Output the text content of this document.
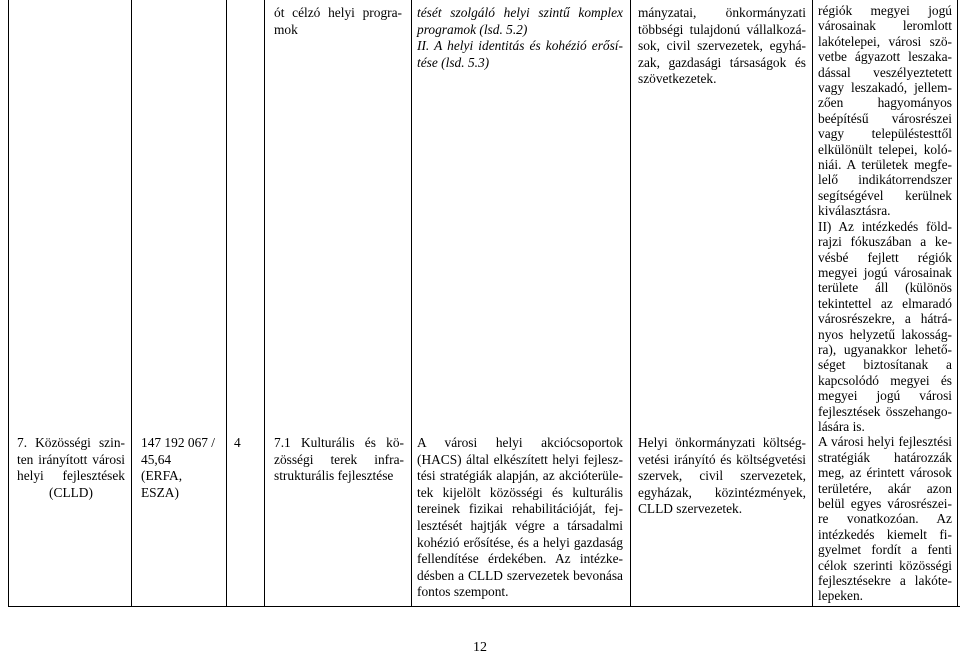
7. Közösségi szin-
ten irányított városi
helyi fejlesztések
(CLLD)
147 192 067 /
45,64
(ERFA,
ESZA)
4
ót célzó helyi progra-
mok
7.1 Kulturális és kö-
zösségi terek infra-
strukturális fejlesztése
tését szolgáló helyi szintű komplex
programok (lsd. 5.2)
II. A helyi identitás és kohézió erősí-
tése (lsd. 5.3)
A városi helyi akciócsoportok
(HACS) által elkészített helyi fejlesz-
tési stratégiák alapján, az akcióterüle-
tek kijelölt közösségi és kulturális
tereinek fizikai rehabilitációját, fej-
lesztését hajtják végre a társadalmi
kohézió erősítése, és a helyi gazdaság
fellendítése érdekében. Az intézke-
désben a CLLD szervezetek bevonása
fontos szempont.
mányzatai, önkormányzati
többségi tulajdonú vállalkozá-
sok, civil szervezetek, egyhá-
zak, gazdasági társaságok és
szövetkezetek.
Helyi önkormányzati költség-
vetési irányító és költségvetési
szervek, civil szervezetek,
egyházak, közintézmények,
CLLD szervezetek.
régiók megyei jogú
városainak leromlott
lakótelepei, városi szö-
vetbe ágyazott leszaka-
dással veszélyeztetett
vagy leszakadó, jellem-
zően hagyományos
beépítésű városrészei
vagy településtesttől
elkülönült telepei, koló-
niái. A területek megfe-
lelő indikátorrendszer
segítségével kerülnek
kiválasztásra.
II) Az intézkedés föld-
rajzi fókuszában a ke-
vésbé fejlett régiók
megyei jogú városainak
területe áll (különös
tekintettel az elmaradó
városrészekre, a hátrá-
nyos helyzetű lakosság-
ra), ugyanakkor lehető-
séget biztosítanak a
kapcsolódó megyei és
megyei jogú városi
fejlesztések összehango-
lására is.
A városi helyi fejlesztési
stratégiák határozzák
meg, az érintett városok
területére, akár azon
belül egyes városrészei-
re vonatkozóan. Az
intézkedés kiemelt fi-
gyelmet fordít a fenti
célok szerinti közösségi
fejlesztésekre a lakóte-
lepeken.
12
